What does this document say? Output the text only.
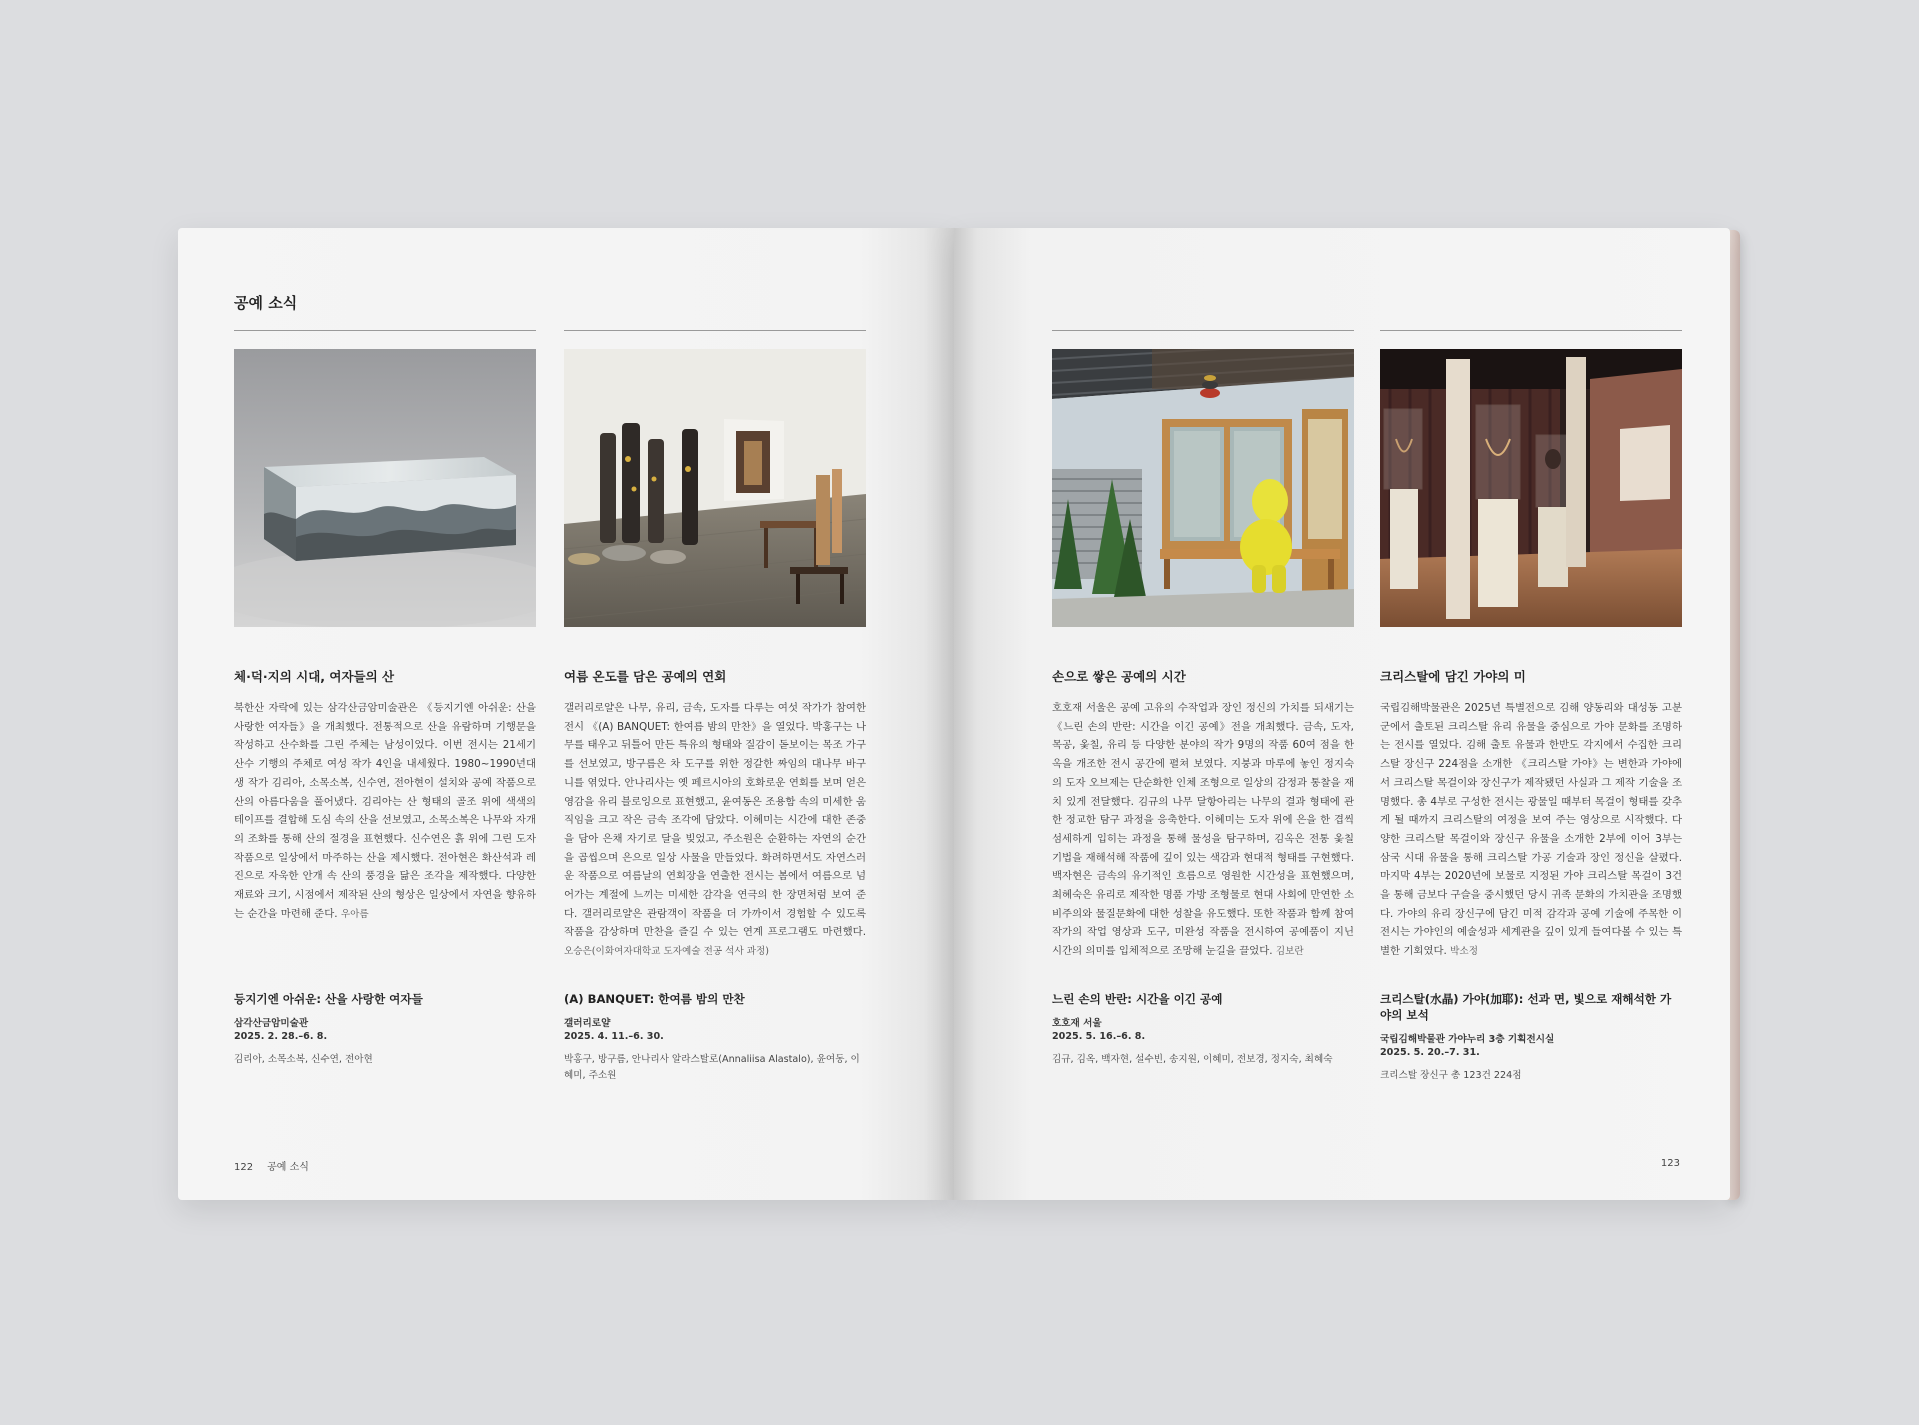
공예 소식
체·덕·지의 시대, 여자들의 산
북한산 자락에 있는 삼각산금암미술관은 《등지기엔 아쉬운: 산을 사랑한 여자들》을 개최했다. 전통적으로 산을 유람하며 기행문을 작성하고 산수화를 그린 주체는 남성이었다. 이번 전시는 21세기 산수 기행의 주체로 여성 작가 4인을 내세웠다. 1980~1990년대생 작가 김리아, 소목소복, 신수연, 전아현이 설치와 공예 작품으로 산의 아름다움을 풀어냈다. 김리아는 산 형태의 골조 위에 색색의 테이프를 결합해 도심 속의 산을 선보였고, 소목소복은 나무와 자개의 조화를 통해 산의 절경을 표현했다. 신수연은 흙 위에 그린 도자 작품으로 일상에서 마주하는 산을 제시했다. 전아현은 화산석과 레진으로 자욱한 안개 속 산의 풍경을 닮은 조각을 제작했다. 다양한 재료와 크기, 시점에서 제작된 산의 형상은 일상에서 자연을 향유하는 순간을 마련해 준다. 우아름
등지기엔 아쉬운: 산을 사랑한 여자들
삼각산금암미술관
2025. 2. 28.–6. 8.
김리아, 소목소복, 신수연, 전아현
여름 온도를 담은 공예의 연회
갤러리로얄은 나무, 유리, 금속, 도자를 다루는 여섯 작가가 참여한 전시 《(A) BANQUET: 한여름 밤의 만찬》을 열었다. 박홍구는 나무를 태우고 뒤틀어 만든 특유의 형태와 질감이 돋보이는 목조 가구를 선보였고, 방구름은 차 도구를 위한 정갈한 짜임의 대나무 바구니를 엮었다. 안나리사는 옛 페르시아의 호화로운 연회를 보며 얻은 영감을 유리 블로잉으로 표현했고, 윤여동은 조용함 속의 미세한 움직임을 크고 작은 금속 조각에 담았다. 이혜미는 시간에 대한 존중을 담아 은채 자기로 달을 빚었고, 주소원은 순환하는 자연의 순간을 곱씹으며 은으로 일상 사물을 만들었다. 화려하면서도 자연스러운 작품으로 여름날의 연회장을 연출한 전시는 봄에서 여름으로 넘어가는 계절에 느끼는 미세한 감각을 연극의 한 장면처럼 보여 준다. 갤러리로얄은 관람객이 작품을 더 가까이서 경험할 수 있도록 작품을 감상하며 만찬을 즐길 수 있는 연계 프로그램도 마련했다. 오승은(이화여자대학교 도자예술 전공 석사 과정)
(A) BANQUET: 한여름 밤의 만찬
갤러리로얄
2025. 4. 11.–6. 30.
박홍구, 방구름, 안나리사 알라스탈로(Annaliisa Alastalo), 윤여동, 이혜미, 주소원
122 공예 소식
손으로 쌓은 공예의 시간
호호재 서울은 공예 고유의 수작업과 장인 정신의 가치를 되새기는 《느린 손의 반란: 시간을 이긴 공예》전을 개최했다. 금속, 도자, 목공, 옻칠, 유리 등 다양한 분야의 작가 9명의 작품 60여 점을 한옥을 개조한 전시 공간에 펼쳐 보였다. 지붕과 마루에 놓인 정지숙의 도자 오브제는 단순화한 인체 조형으로 일상의 감정과 통찰을 재치 있게 전달했다. 김규의 나무 달항아리는 나무의 결과 형태에 관한 정교한 탐구 과정을 응축한다. 이혜미는 도자 위에 은을 한 겹씩 섬세하게 입히는 과정을 통해 물성을 탐구하며, 김옥은 전통 옻칠 기법을 재해석해 작품에 깊이 있는 색감과 현대적 형태를 구현했다. 백자현은 금속의 유기적인 흐름으로 영원한 시간성을 표현했으며, 최혜숙은 유리로 제작한 명품 가방 조형물로 현대 사회에 만연한 소비주의와 물질문화에 대한 성찰을 유도했다. 또한 작품과 함께 참여 작가의 작업 영상과 도구, 미완성 작품을 전시하여 공예품이 지닌 시간의 의미를 입체적으로 조망해 눈길을 끌었다. 김보란
느린 손의 반란: 시간을 이긴 공예
호호재 서울
2025. 5. 16.–6. 8.
김규, 김옥, 백자현, 설수빈, 송지원, 이혜미, 전보경, 정지숙, 최혜숙
크리스탈에 담긴 가야의 미
국립김해박물관은 2025년 특별전으로 김해 양동리와 대성동 고분군에서 출토된 크리스탈 유리 유물을 중심으로 가야 문화를 조명하는 전시를 열었다. 김해 출토 유물과 한반도 각지에서 수집한 크리스탈 장신구 224점을 소개한 《크리스탈 가야》는 변한과 가야에서 크리스탈 목걸이와 장신구가 제작됐던 사실과 그 제작 기술을 조명했다. 총 4부로 구성한 전시는 광물일 때부터 목걸이 형태를 갖추게 될 때까지 크리스탈의 여정을 보여 주는 영상으로 시작했다. 다양한 크리스탈 목걸이와 장신구 유물을 소개한 2부에 이어 3부는 삼국 시대 유물을 통해 크리스탈 가공 기술과 장인 정신을 살폈다. 마지막 4부는 2020년에 보물로 지정된 가야 크리스탈 목걸이 3건을 통해 금보다 구슬을 중시했던 당시 귀족 문화의 가치관을 조명했다. 가야의 유리 장신구에 담긴 미적 감각과 공예 기술에 주목한 이 전시는 가야인의 예술성과 세계관을 깊이 있게 들여다볼 수 있는 특별한 기회였다. 박소정
크리스탈(水晶) 가야(加耶): 선과 면, 빛으로 재해석한 가야의 보석
국립김해박물관 가야누리 3층 기획전시실
2025. 5. 20.–7. 31.
크리스탈 장신구 총 123건 224점
123
